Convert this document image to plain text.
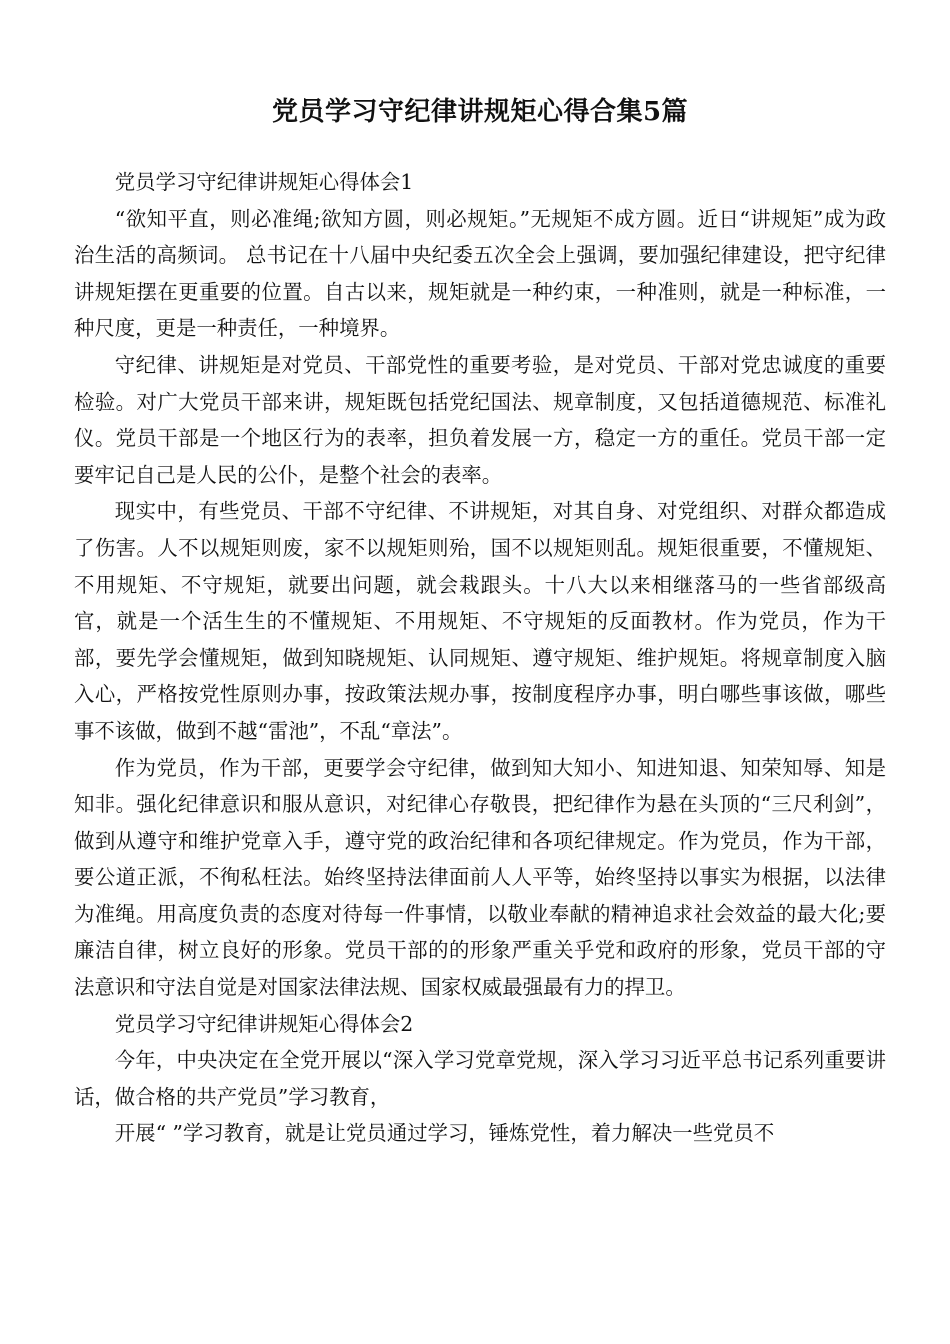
党员学习守纪律讲规矩心得合集5篇

党员学习守纪律讲规矩心得体会1

“欲知平直，则必准绳;欲知方圆，则必规矩。”无规矩不成方圆。近日“讲规矩”成为政治生活的高频词。 总书记在十八届中央纪委五次全会上强调，要加强纪律建设，把守纪律讲规矩摆在更重要的位置。自古以来，规矩就是一种约束，一种准则，就是一种标准，一种尺度，更是一种责任，一种境界。

守纪律、讲规矩是对党员、干部党性的重要考验，是对党员、干部对党忠诚度的重要检验。对广大党员干部来讲，规矩既包括党纪国法、规章制度，又包括道德规范、标准礼仪。党员干部是一个地区行为的表率，担负着发展一方，稳定一方的重任。党员干部一定要牢记自己是人民的公仆，是整个社会的表率。

现实中，有些党员、干部不守纪律、不讲规矩，对其自身、对党组织、对群众都造成了伤害。人不以规矩则废，家不以规矩则殆，国不以规矩则乱。规矩很重要，不懂规矩、不用规矩、不守规矩，就要出问题，就会栽跟头。十八大以来相继落马的一些省部级高官，就是一个活生生的不懂规矩、不用规矩、不守规矩的反面教材。作为党员，作为干部，要先学会懂规矩，做到知晓规矩、认同规矩、遵守规矩、维护规矩。将规章制度入脑入心，严格按党性原则办事，按政策法规办事，按制度程序办事，明白哪些事该做，哪些事不该做，做到不越“雷池”，不乱“章法”。

作为党员，作为干部，更要学会守纪律，做到知大知小、知进知退、知荣知辱、知是知非。强化纪律意识和服从意识，对纪律心存敬畏，把纪律作为悬在头顶的“三尺利剑”，做到从遵守和维护党章入手，遵守党的政治纪律和各项纪律规定。作为党员，作为干部，要公道正派，不徇私枉法。始终坚持法律面前人人平等，始终坚持以事实为根据，以法律为准绳。用高度负责的态度对待每一件事情，以敬业奉献的精神追求社会效益的最大化;要廉洁自律，树立良好的形象。党员干部的的形象严重关乎党和政府的形象，党员干部的守法意识和守法自觉是对国家法律法规、国家权威最强最有力的捍卫。

党员学习守纪律讲规矩心得体会2

今年，中央决定在全党开展以“深入学习党章党规，深入学习习近平总书记系列重要讲话，做合格的共产党员”学习教育，

开展“ ”学习教育，就是让党员通过学习，锤炼党性，着力解决一些党员不
